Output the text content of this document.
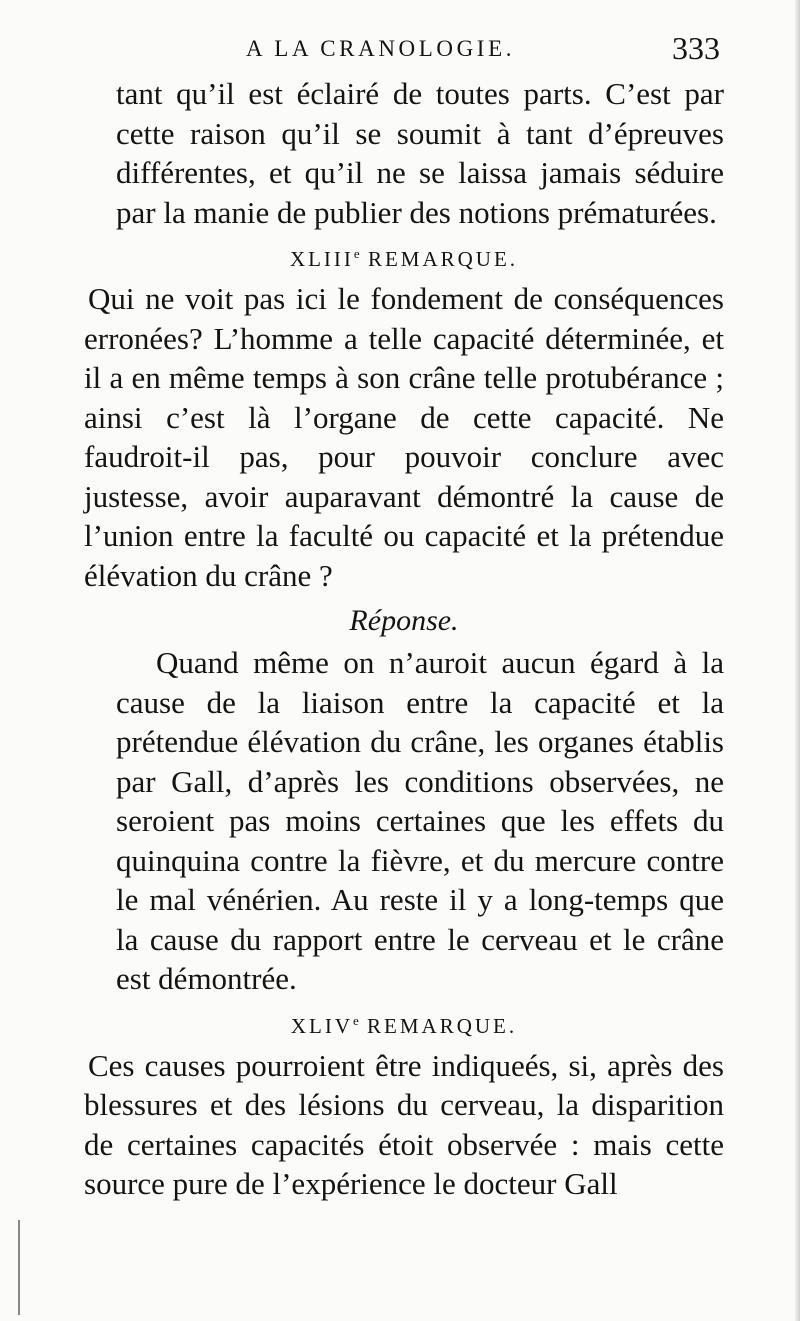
A LA CRANOLOGIE.	333

tant qu’il est éclairé de toutes parts. C’est par cette raison qu’il se soumit à tant d’épreuves différentes, et qu’il ne se laissa jamais séduire par la manie de publier des notions prématurées.

XLIIIe REMARQUE.

Qui ne voit pas ici le fondement de conséquences erronées? L’homme a telle capacité déterminée, et il a en même temps à son crâne telle protubérance ; ainsi c’est là l’organe de cette capacité. Ne faudroit-il pas, pour pouvoir conclure avec justesse, avoir auparavant démontré la cause de l’union entre la faculté ou capacité et la prétendue élévation du crâne ?

Réponse.

Quand même on n’auroit aucun égard à la cause de la liaison entre la capacité et la prétendue élévation du crâne, les organes établis par Gall, d’après les conditions observées, ne seroient pas moins certaines que les effets du quinquina contre la fièvre, et du mercure contre le mal vénérien. Au reste il y a long-temps que la cause du rapport entre le cerveau et le crâne est démontrée.

XLIVe REMARQUE.

Ces causes pourroient être indiqueés, si, après des blessures et des lésions du cerveau, la disparition de certaines capacités étoit observée : mais cette source pure de l’expérience le docteur Gall
